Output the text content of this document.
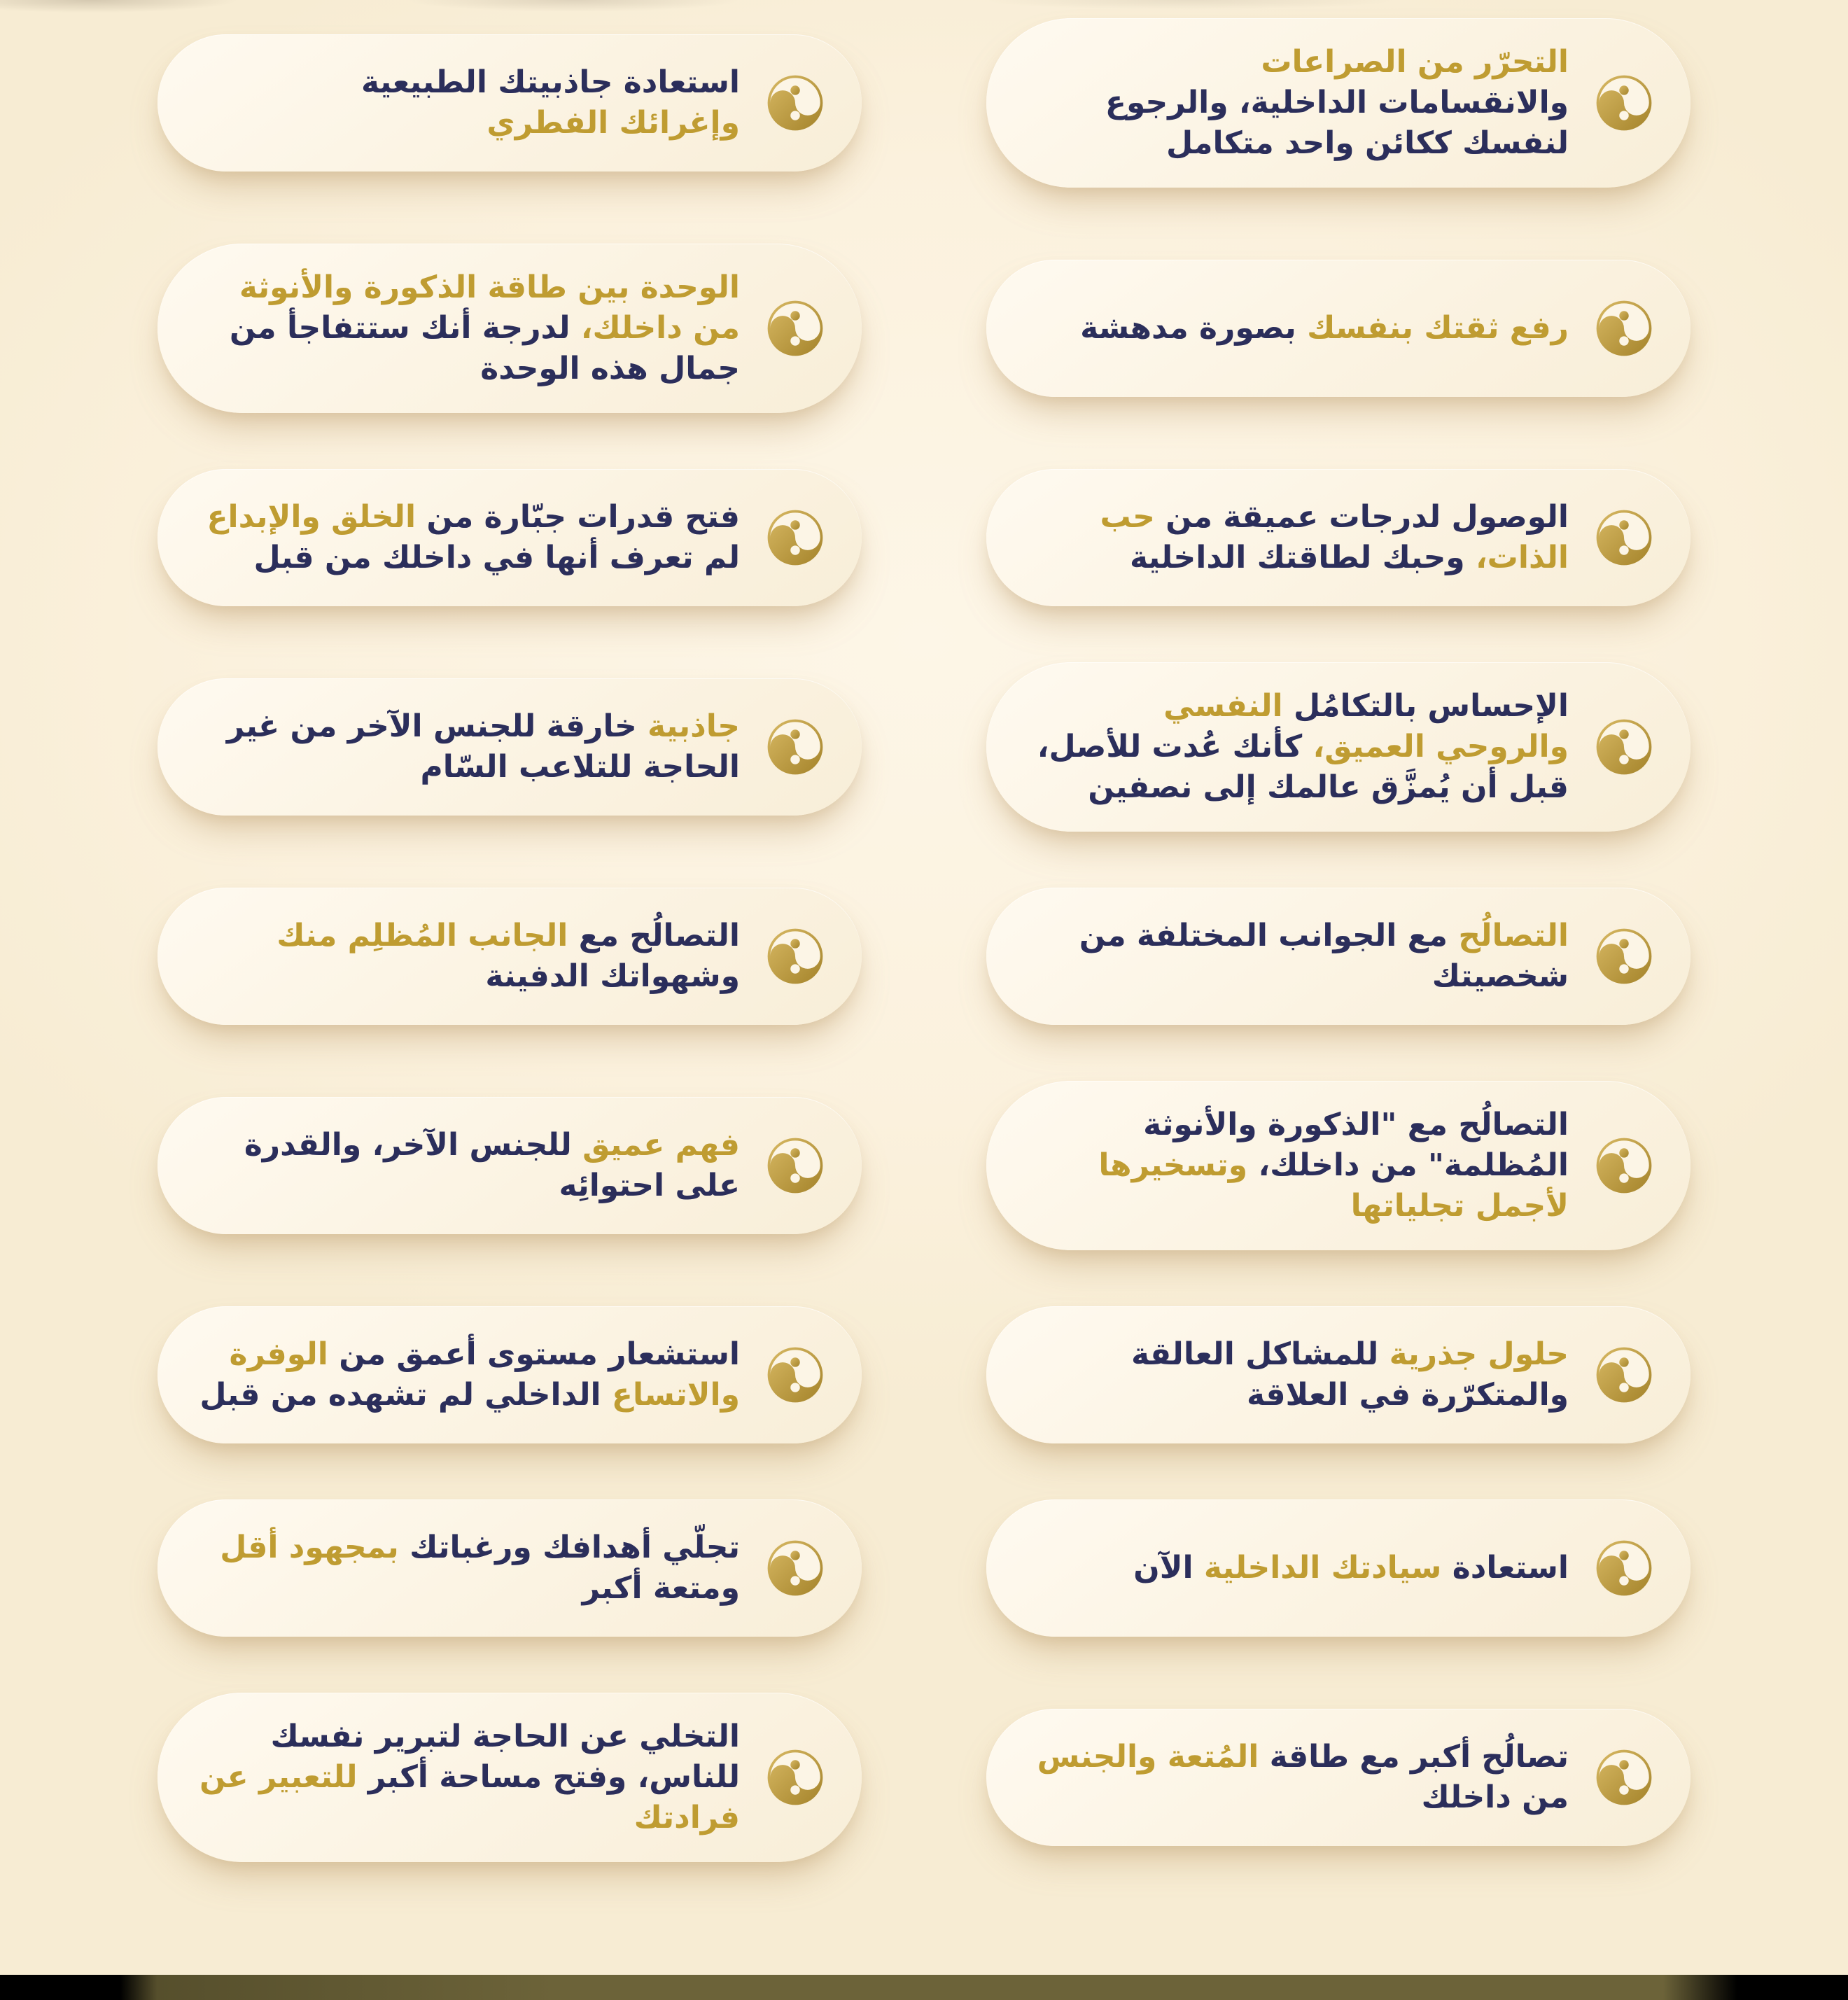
التحرّر من الصراعات
والانقسامات الداخلية، والرجوع لنفسك ككائن واحد متكامل

استعادة جاذبيتك الطبيعية
وإغرائك الفطري

رفع ثقتك بنفسك بصورة مدهشة

الوحدة بين طاقة الذكورة والأنوثة من داخلك، لدرجة أنك ستتفاجأ من جمال هذه الوحدة

الوصول لدرجات عميقة من حب الذات، وحبك لطاقتك الداخلية

فتح قدرات جبّارة من الخلق والإبداع لم تعرف أنها في داخلك من قبل

الإحساس بالتكامُل النفسي والروحي العميق، كأنك عُدت للأصل، قبل أن يُمزَّق عالمك إلى نصفين

جاذبية خارقة للجنس الآخر من غير الحاجة للتلاعب السّام

التصالُح مع الجوانب المختلفة من شخصيتك

التصالُح مع الجانب المُظلِم منك وشهواتك الدفينة

التصالُح مع "الذكورة والأنوثة المُظلمة" من داخلك، وتسخيرها لأجمل تجلياتها

فهم عميق للجنس الآخر، والقدرة على احتوائِه

حلول جذرية للمشاكل العالقة والمتكرّرة في العلاقة

استشعار مستوى أعمق من الوفرة والاتساع الداخلي لم تشهده من قبل

استعادة سيادتك الداخلية الآن

تجلّي أهدافك ورغباتك بمجهود أقل ومتعة أكبر

تصالُح أكبر مع طاقة المُتعة والجنس من داخلك

التخلي عن الحاجة لتبرير نفسك للناس، وفتح مساحة أكبر للتعبير عن فرادتك
